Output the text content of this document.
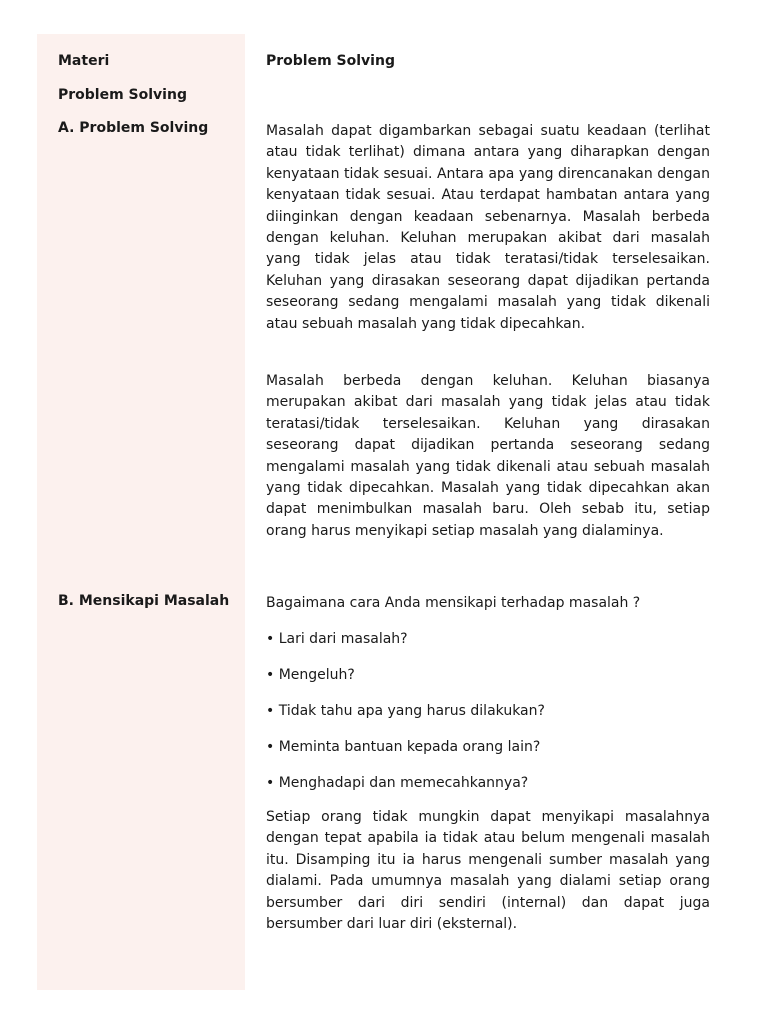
Materi
Problem Solving
A. Problem Solving
B. Mensikapi Masalah
Problem Solving

Masalah dapat digambarkan sebagai suatu keadaan (terlihat atau tidak terlihat) dimana antara yang diharapkan dengan kenyataan tidak sesuai. Antara apa yang direncanakan dengan kenyataan tidak sesuai. Atau terdapat hambatan antara yang diinginkan dengan keadaan sebenarnya. Masalah berbeda dengan keluhan. Keluhan merupakan akibat dari masalah yang tidak jelas atau tidak teratasi/tidak terselesaikan. Keluhan yang dirasakan seseorang dapat dijadikan pertanda seseorang sedang mengalami masalah yang tidak dikenali atau sebuah masalah yang tidak dipecahkan.

Masalah berbeda dengan keluhan. Keluhan biasanya merupakan akibat dari masalah yang tidak jelas atau tidak teratasi/tidak terselesaikan. Keluhan yang dirasakan seseorang dapat dijadikan pertanda seseorang sedang mengalami masalah yang tidak dikenali atau sebuah masalah yang tidak dipecahkan. Masalah yang tidak dipecahkan akan dapat menimbulkan masalah baru. Oleh sebab itu, setiap orang harus menyikapi setiap masalah yang dialaminya.

Bagaimana cara Anda mensikapi terhadap masalah ?
• Lari dari masalah?
• Mengeluh?
• Tidak tahu apa yang harus dilakukan?
• Meminta bantuan kepada orang lain?
• Menghadapi dan memecahkannya?

Setiap orang tidak mungkin dapat menyikapi masalahnya dengan tepat apabila ia tidak atau belum mengenali masalah itu. Disamping itu ia harus mengenali sumber masalah yang dialami. Pada umumnya masalah yang dialami setiap orang bersumber dari diri sendiri (internal) dan dapat juga bersumber dari luar diri (eksternal).
